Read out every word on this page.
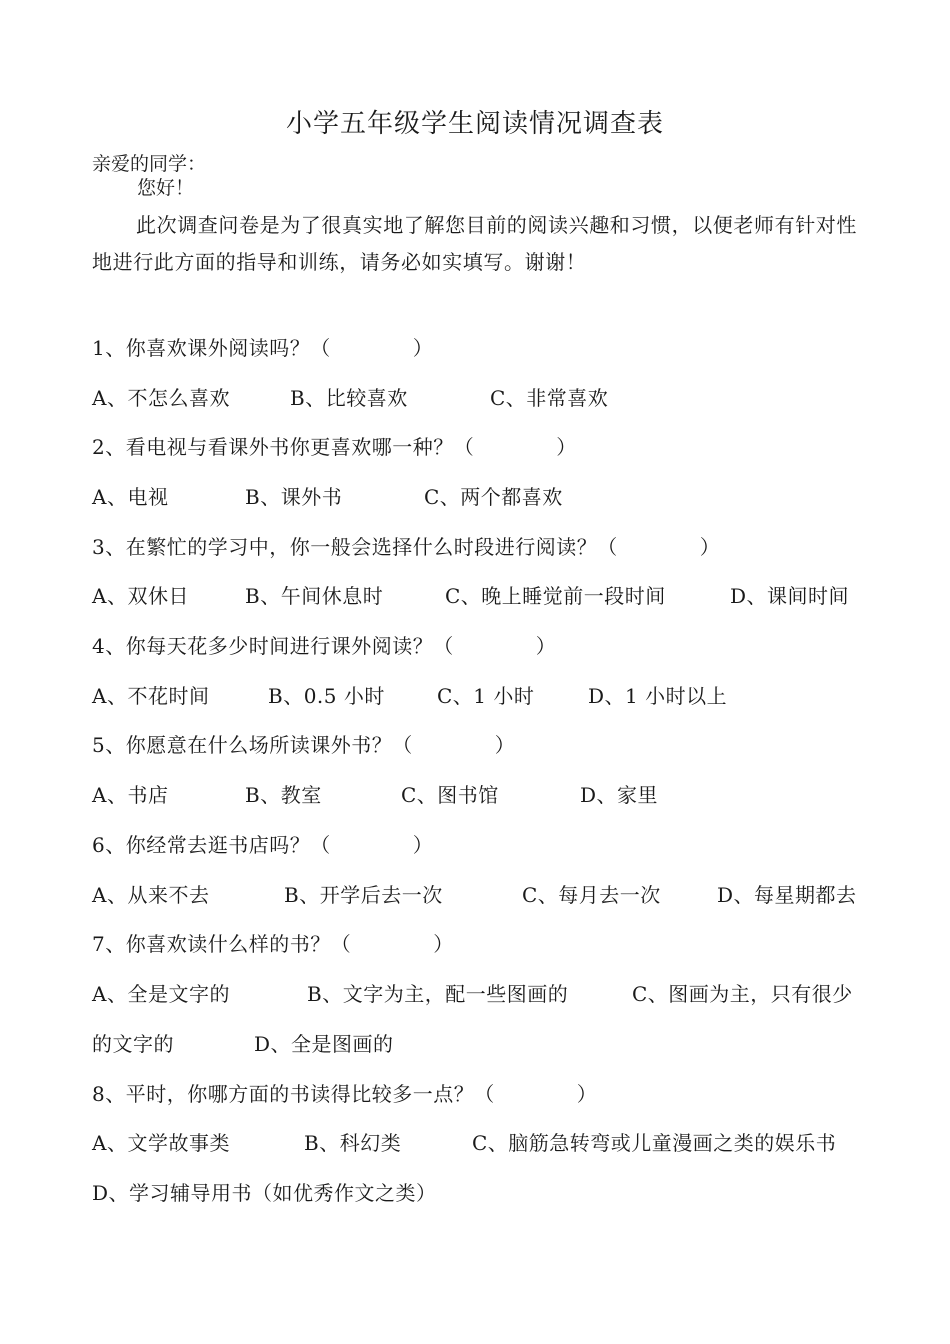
小学五年级学生阅读情况调查表
亲爱的同学：
您好！
此次调查问卷是为了很真实地了解您目前的阅读兴趣和习惯，以便老师有针对性地进行此方面的指导和训练，请务必如实填写。谢谢！
1、你喜欢课外阅读吗？（　　　　）
A、不怎么喜欢	B、比较喜欢	C、非常喜欢
2、看电视与看课外书你更喜欢哪一种？（　　　　）
A、电视	B、课外书	C、两个都喜欢
3、在繁忙的学习中，你一般会选择什么时段进行阅读？（　　　　）
A、双休日	B、午间休息时	C、晚上睡觉前一段时间	D、课间时间
4、你每天花多少时间进行课外阅读？（　　　　）
A、不花时间	B、0.5 小时	C、1 小时	D、1 小时以上
5、你愿意在什么场所读课外书？（　　　　）
A、书店	B、教室	C、图书馆	D、家里
6、你经常去逛书店吗？（　　　　）
A、从来不去	B、开学后去一次	C、每月去一次	D、每星期都去
7、你喜欢读什么样的书？（　　　　）
A、全是文字的	B、文字为主，配一些图画的	C、图画为主，只有很少
的文字的	D、全是图画的
8、平时，你哪方面的书读得比较多一点？（　　　　）
A、文学故事类	B、科幻类	C、脑筋急转弯或儿童漫画之类的娱乐书
D、学习辅导用书（如优秀作文之类）
